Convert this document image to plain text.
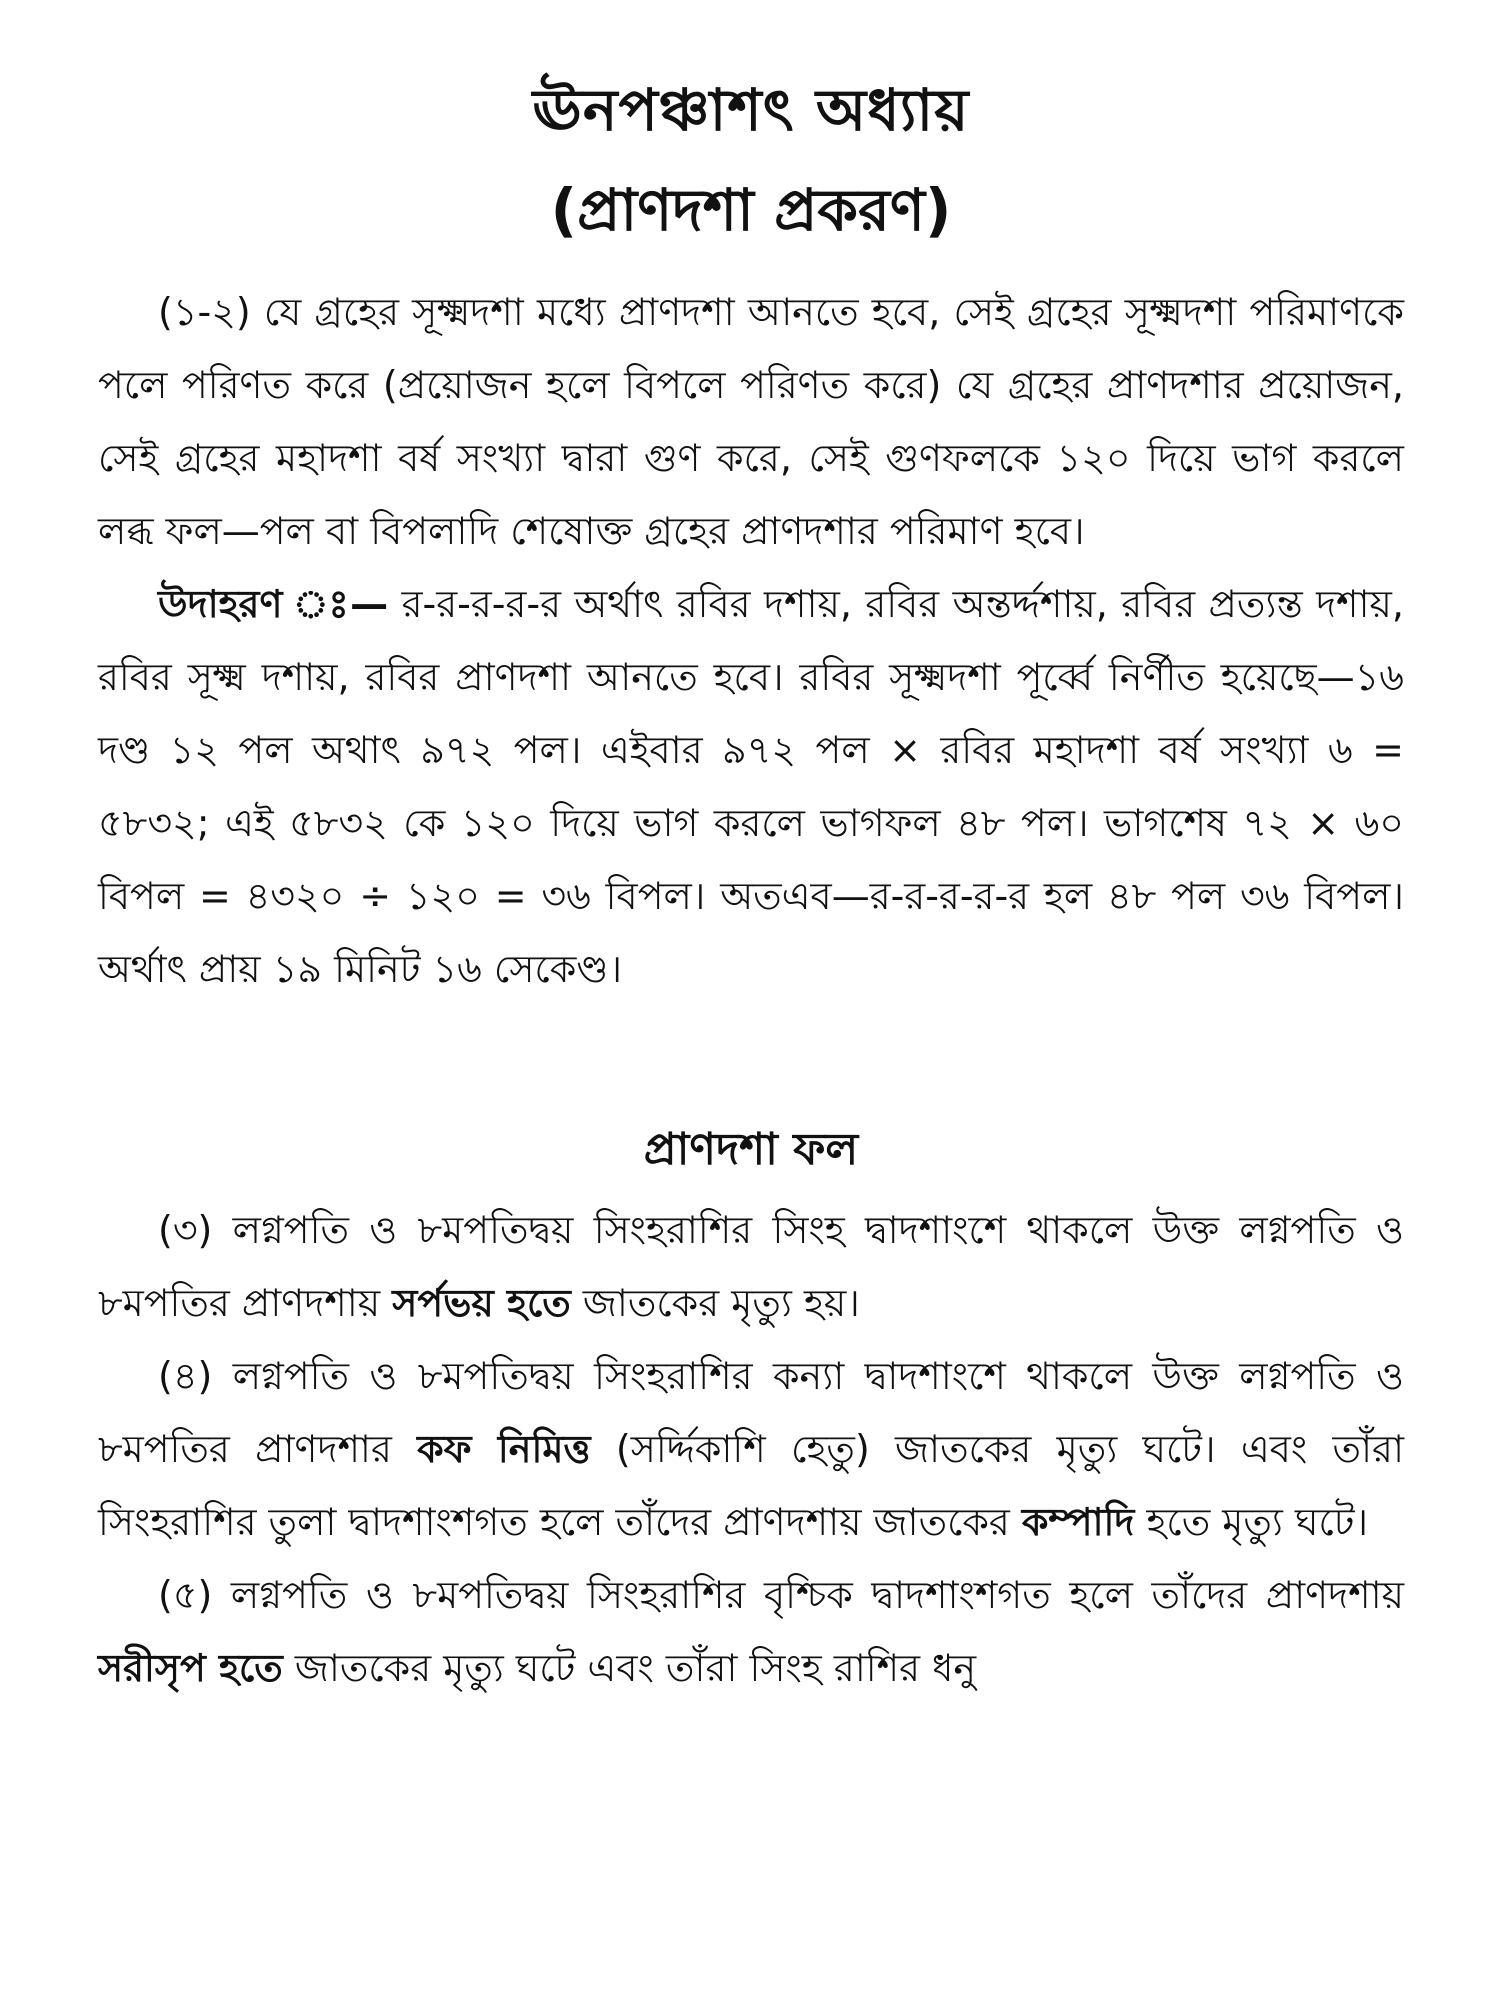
ঊনপঞ্চাশৎ অধ্যায়
(প্রাণদশা প্রকরণ)

(১-২) যে গ্রহের সূক্ষ্মদশা মধ্যে প্রাণদশা আনতে হবে, সেই গ্রহের সূক্ষ্মদশা পরিমাণকে পলে পরিণত করে (প্রয়োজন হলে বিপলে পরিণত করে) যে গ্রহের প্রাণদশার প্রয়োজন, সেই গ্রহের মহাদশা বর্ষ সংখ্যা দ্বারা গুণ করে, সেই গুণফলকে ১২০ দিয়ে ভাগ করলে লব্ধ ফল—পল বা বিপলাদি শেষোক্ত গ্রহের প্রাণদশার পরিমাণ হবে।

উদাহরণ ঃ— র-র-র-র-র অর্থাৎ রবির দশায়, রবির অন্তর্দ্দশায়, রবির প্রত্যন্ত দশায়, রবির সূক্ষ্ম দশায়, রবির প্রাণদশা আনতে হবে। রবির সূক্ষ্মদশা পূর্ব্বে নির্ণীত হয়েছে—১৬ দণ্ড ১২ পল অথাৎ ৯৭২ পল। এইবার ৯৭২ পল × রবির মহাদশা বর্ষ সংখ্যা ৬ = ৫৮৩২; এই ৫৮৩২ কে ১২০ দিয়ে ভাগ করলে ভাগফল ৪৮ পল। ভাগশেষ ৭২ × ৬০ বিপল = ৪৩২০ ÷ ১২০ = ৩৬ বিপল। অতএব—র-র-র-র-র হল ৪৮ পল ৩৬ বিপল। অর্থাৎ প্রায় ১৯ মিনিট ১৬ সেকেণ্ড।

প্রাণদশা ফল

(৩) লগ্নপতি ও ৮মপতিদ্বয় সিংহরাশির সিংহ দ্বাদশাংশে থাকলে উক্ত লগ্নপতি ও ৮মপতির প্রাণদশায় সর্পভয় হতে জাতকের মৃত্যু হয়।

(৪) লগ্নপতি ও ৮মপতিদ্বয় সিংহরাশির কন্যা দ্বাদশাংশে থাকলে উক্ত লগ্নপতি ও ৮মপতির প্রাণদশার কফ নিমিত্ত (সর্দ্দিকাশি হেতু) জাতকের মৃত্যু ঘটে। এবং তাঁরা সিংহরাশির তুলা দ্বাদশাংশগত হলে তাঁদের প্রাণদশায় জাতকের কম্পাদি হতে মৃত্যু ঘটে।

(৫) লগ্নপতি ও ৮মপতিদ্বয় সিংহরাশির বৃশ্চিক দ্বাদশাংশগত হলে তাঁদের প্রাণদশায় সরীসৃপ হতে জাতকের মৃত্যু ঘটে এবং তাঁরা সিংহ রাশির ধনু
